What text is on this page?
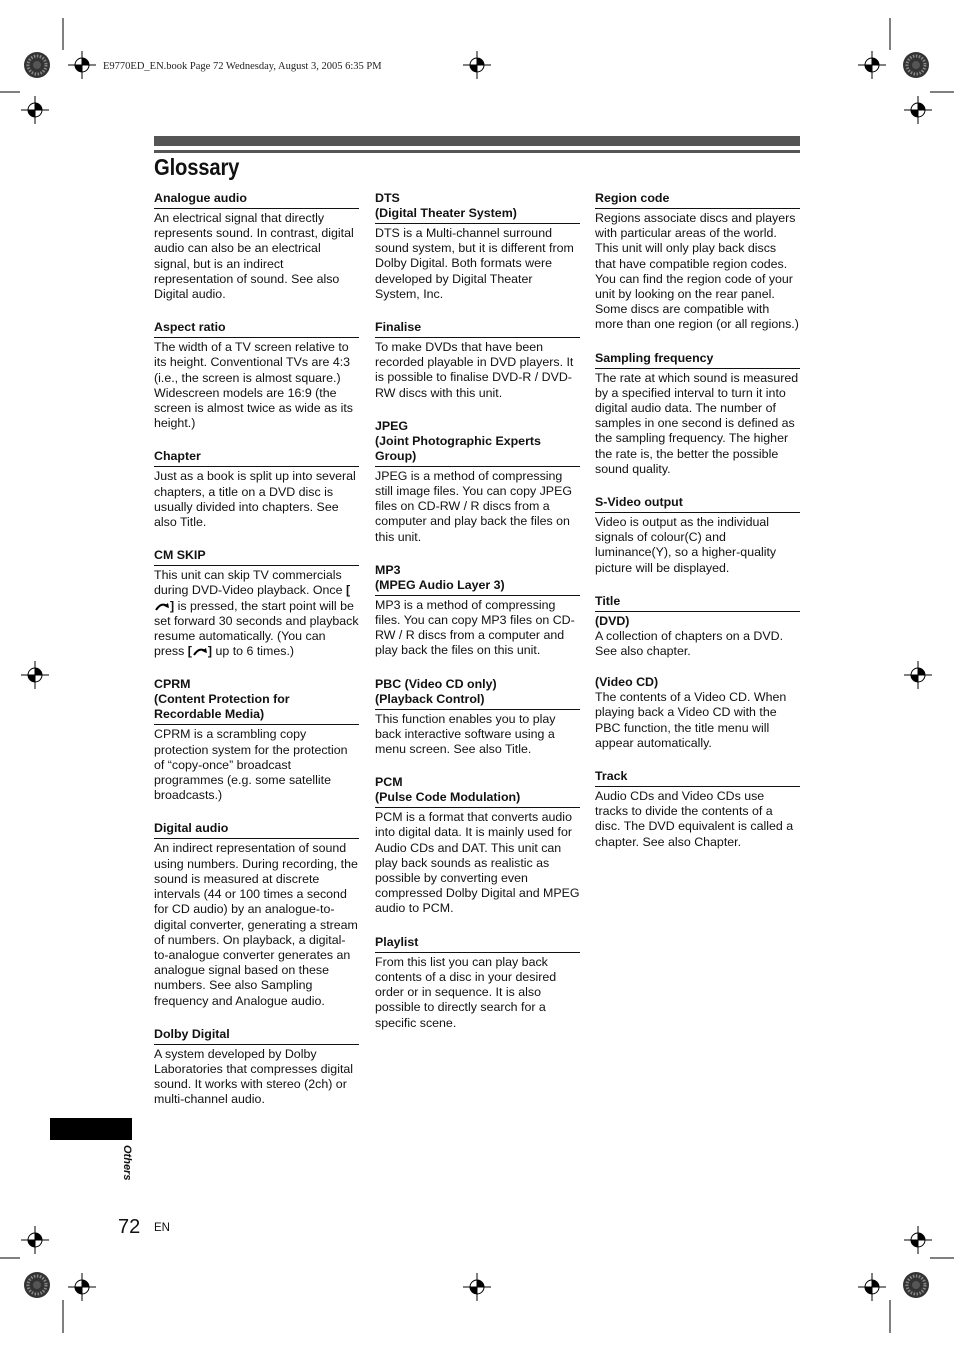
E9770ED_EN.book Page 72 Wednesday, August 3, 2005 6:35 PM
Glossary
Analogue audio

An electrical signal that directly represents sound. In contrast, digital audio can also be an electrical signal, but is an indirect representation of sound. See also Digital audio.

Aspect ratio

The width of a TV screen relative to its height. Conventional TVs are 4:3 (i.e., the screen is almost square.) Widescreen models are 16:9 (the screen is almost twice as wide as its height.)

Chapter

Just as a book is split up into several chapters, a title on a DVD disc is usually divided into chapters. See also Title.

CM SKIP

This unit can skip TV commercials during DVD-Video playback. Once [] is pressed, the start point will be set forward 30 seconds and playback resume automatically. (You can press [ ] up to 6 times.)

CPRM
(Content Protection for
Recordable Media)

CPRM is a scrambling copy protection system for the protection of “copy-once” broadcast programmes (e.g. some satellite broadcasts.)

Digital audio

An indirect representation of sound using numbers. During recording, the sound is measured at discrete intervals (44 or 100 times a second for CD audio) by an analogue-to-digital converter, generating a stream of numbers. On playback, a digital-to-analogue converter generates an analogue signal based on these numbers. See also Sampling frequency and Analogue audio.

Dolby Digital

A system developed by Dolby Laboratories that compresses digital sound. It works with stereo (2ch) or multi-channel audio.

DTS
(Digital Theater System)

DTS is a Multi-channel surround sound system, but it is different from Dolby Digital. Both formats were developed by Digital Theater System, Inc.

Finalise

To make DVDs that have been recorded playable in DVD players. It is possible to finalise DVD-R / DVD-RW discs with this unit.

JPEG
(Joint Photographic Experts
Group)

JPEG is a method of compressing still image files. You can copy JPEG files on CD-RW / R discs from a computer and play back the files on this unit.

MP3
(MPEG Audio Layer 3)

MP3 is a method of compressing files. You can copy MP3 files on CD-RW / R discs from a computer and play back the files on this unit.

PBC (Video CD only)
(Playback Control)

This function enables you to play back interactive software using a menu screen. See also Title.

PCM
(Pulse Code Modulation)

PCM is a format that converts audio into digital data. It is mainly used for Audio CDs and DAT. This unit can play back sounds as realistic as possible by converting even compressed Dolby Digital and MPEG audio to PCM.

Playlist

From this list you can play back contents of a disc in your desired order or in sequence. It is also possible to directly search for a specific scene.

Region code

Regions associate discs and players with particular areas of the world. This unit will only play back discs that have compatible region codes. You can find the region code of your unit by looking on the rear panel. Some discs are compatible with more than one region (or all regions.)

Sampling frequency

The rate at which sound is measured by a specified interval to turn it into digital audio data. The number of samples in one second is defined as the sampling frequency. The higher the rate is, the better the possible sound quality.

S-Video output

Video is output as the individual signals of colour(C) and luminance(Y), so a higher-quality picture will be displayed.

Title

(DVD)

A collection of chapters on a DVD. See also chapter.

(Video CD)

The contents of a Video CD. When playing back a Video CD with the PBC function, the title menu will appear automatically.

Track

Audio CDs and Video CDs use tracks to divide the contents of a disc. The DVD equivalent is called a chapter. See also Chapter.

Others
72 EN
